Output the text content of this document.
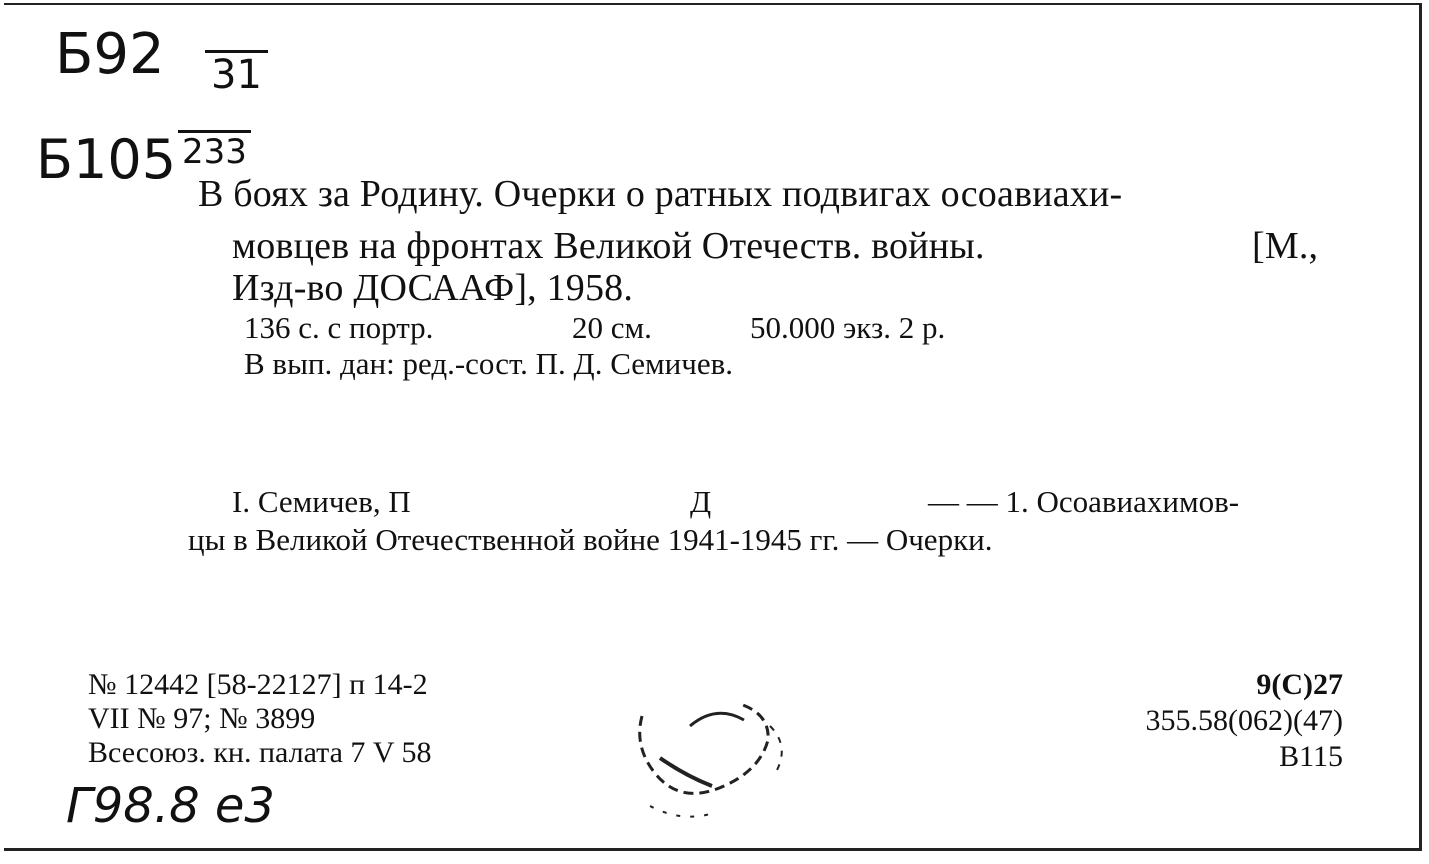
Б92 31
Б105 233
В боях за Родину. Очерки о ратных подвигах осоавиахи-
мовцев на фронтах Великой Отечеств. войны.	[М.,
Изд-во ДОСААФ], 1958.
136 с. с портр.	20 см.	50.000 экз. 2 р.
В вып. дан: ред.-сост. П. Д. Семичев.
I. Семичев, П	Д	— — 1. Осоавиахимов-
цы в Великой Отечественной войне 1941-1945 гг. — Очерки.
№ 12442 [58-22127] п 14-2
VII № 97; № 3899
Всесоюз. кн. палата 7 V 58
9(С)27
355.58(062)(47)
В115
Г98.8 е3
